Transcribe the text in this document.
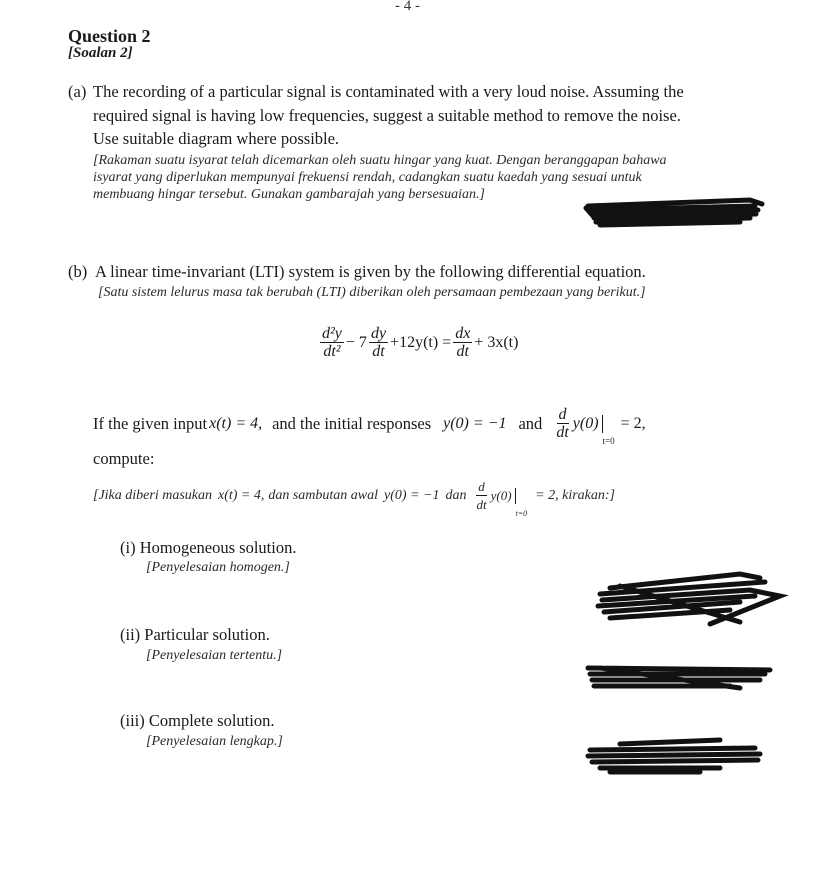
- 4 -
Question 2
[Soalan 2]
(a) The recording of a particular signal is contaminated with a very loud noise. Assuming the
required signal is having low frequencies, suggest a suitable method to remove the noise.
Use suitable diagram where possible.
[Rakaman suatu isyarat telah dicemarkan oleh suatu hingar yang kuat. Dengan beranggapan bahawa
isyarat yang diperlukan mempunyai frekuensi rendah, cadangkan suatu kaedah yang sesuai untuk
membuang hingar tersebut. Gunakan gambarajah yang bersesuaian.]
(b) A linear time-invariant (LTI) system is given by the following differential equation.
[Satu sistem lelurus masa tak berubah (LTI) diberikan oleh persamaan pembezaan yang berikut.]
$\frac{\text{d²y}}{\text{dt²}} - 7 \frac{dy}{dt} +12y(t) = \frac{dx}{dt} + 3x(t)$
If the given input x(t) = 4, and the initial responses y(0) = −1 and $\frac{d}{dt} y(0)$
t=0
= 2,
compute:
[Jika diberi masukan x(t) = 4, dan sambutan awal y(0) = −1 dan $\frac{d}{dt} y(0)$
t=0
= 2, kirakan:]
(i) Homogeneous solution.
[Penyelesaian homogen.]
(ii) Particular solution.
[Penyelesaian tertentu.]
(iii) Complete solution.
[Penyelesaian lengkap.]
